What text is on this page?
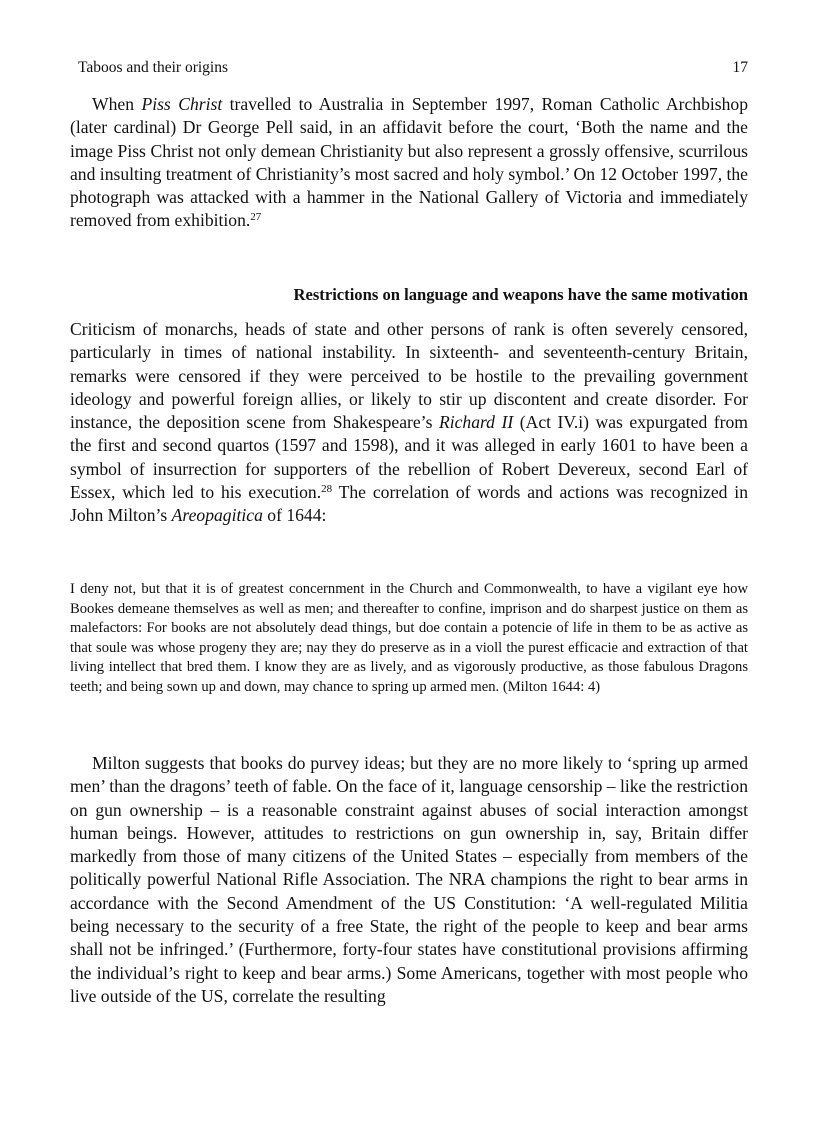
Taboos and their origins	17

When Piss Christ travelled to Australia in September 1997, Roman Catholic Archbishop (later cardinal) Dr George Pell said, in an affidavit before the court, ‘Both the name and the image Piss Christ not only demean Christianity but also represent a grossly offensive, scurrilous and insulting treatment of Christianity’s most sacred and holy symbol.’ On 12 October 1997, the photograph was attacked with a hammer in the National Gallery of Victoria and immediately removed from exhibition.$^{27}$

Restrictions on language and weapons have the same motivation

Criticism of monarchs, heads of state and other persons of rank is often severely censored, particularly in times of national instability. In sixteenth- and seventeenth-century Britain, remarks were censored if they were perceived to be hostile to the prevailing government ideology and powerful foreign allies, or likely to stir up discontent and create disorder. For instance, the deposition scene from Shakespeare’s Richard II (Act IV.i) was expurgated from the first and second quartos (1597 and 1598), and it was alleged in early 1601 to have been a symbol of insurrection for supporters of the rebellion of Robert Devereux, second Earl of Essex, which led to his execution.$^{28}$ The correlation of words and actions was recognized in John Milton’s Areopagitica of 1644:

I deny not, but that it is of greatest concernment in the Church and Commonwealth, to have a vigilant eye how Bookes demeane themselves as well as men; and thereafter to confine, imprison and do sharpest justice on them as malefactors: For books are not absolutely dead things, but doe contain a potencie of life in them to be as active as that soule was whose progeny they are; nay they do preserve as in a violl the purest efficacie and extraction of that living intellect that bred them. I know they are as lively, and as vigorously productive, as those fabulous Dragons teeth; and being sown up and down, may chance to spring up armed men. (Milton 1644: 4)

Milton suggests that books do purvey ideas; but they are no more likely to ‘spring up armed men’ than the dragons’ teeth of fable. On the face of it, language censorship – like the restriction on gun ownership – is a reasonable constraint against abuses of social interaction amongst human beings. However, attitudes to restrictions on gun ownership in, say, Britain differ markedly from those of many citizens of the United States – especially from members of the politically powerful National Rifle Association. The NRA champions the right to bear arms in accordance with the Second Amendment of the US Constitution: ‘A well-regulated Militia being necessary to the security of a free State, the right of the people to keep and bear arms shall not be infringed.’ (Furthermore, forty-four states have constitutional provisions affirming the individual’s right to keep and bear arms.) Some Americans, together with most people who live outside of the US, correlate the resulting
